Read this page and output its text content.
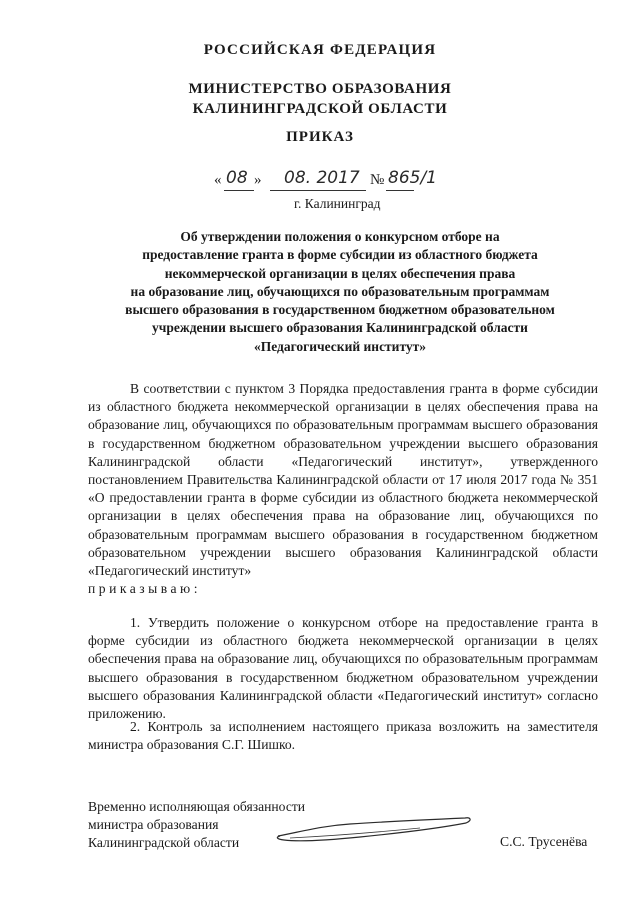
РОССИЙСКАЯ ФЕДЕРАЦИЯ
МИНИСТЕРСТВО ОБРАЗОВАНИЯ
КАЛИНИНГРАДСКОЙ ОБЛАСТИ
ПРИКАЗ
« 08 » 08. 2017 № 865/1
г. Калининград
Об утверждении положения о конкурсном отборе на
предоставление гранта в форме субсидии из областного бюджета
некоммерческой организации в целях обеспечения права
на образование лиц, обучающихся по образовательным программам
высшего образования в государственном бюджетном образовательном
учреждении высшего образования Калининградской области
«Педагогический институт»

В соответствии с пунктом 3 Порядка предоставления гранта в форме субсидии из областного бюджета некоммерческой организации в целях обеспечения права на образование лиц, обучающихся по образовательным программам высшего образования в государственном бюджетном образовательном учреждении высшего образования Калининградской области «Педагогический институт», утвержденного постановлением Правительства Калининградской области от 17 июля 2017 года № 351 «О предоставлении гранта в форме субсидии из областного бюджета некоммерческой организации в целях обеспечения права на образование лиц, обучающихся по образовательным программам высшего образования в государственном бюджетном образовательном учреждении высшего образования Калининградской области «Педагогический институт»

приказываю:

1. Утвердить положение о конкурсном отборе на предоставление гранта в форме субсидии из областного бюджета некоммерческой организации в целях обеспечения права на образование лиц, обучающихся по образовательным программам высшего образования в государственном бюджетном образовательном учреждении высшего образования Калининградской области «Педагогический институт» согласно приложению.

2. Контроль за исполнением настоящего приказа возложить на заместителя министра образования С.Г. Шишко.

Временно исполняющая обязанности
министра образования
Калининградской области	С.С. Трусенёва
